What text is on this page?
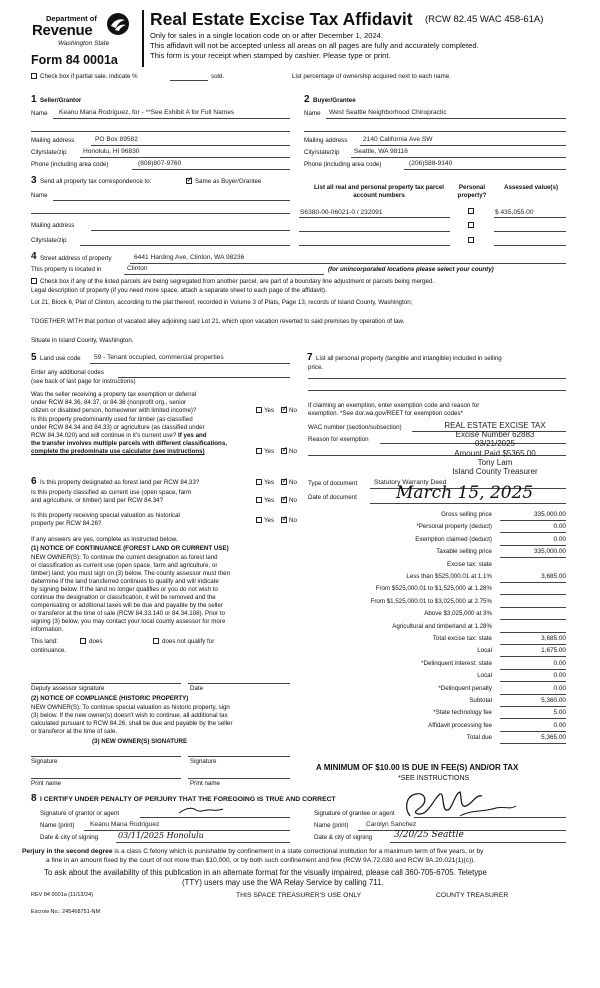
Department of
Revenue
Washington State
Form 84 0001a
Real Estate Excise Tax Affidavit (RCW 82.45 WAC 458-61A)
Only for sales in a single location code on or after December 1, 2024.
This affidavit will not be accepted unless all areas on all pages are fully and accurately completed.
This form is your receipt when stamped by cashier. Please type or print.
Check box if partial sale, indicate %	sold.	List percentage of ownership acquired next to each name.
1 Seller/Grantor
Name Keanu Mana Rodriguez, for - **See Exhibit A for Full Names
Mailing address	PO Box 89582
City/state/zip	Honolulu, HI 96830
Phone (including area code)	(808)807-9760
2 Buyer/Grantee
Name West Seattle Neighborhood Chiropractic
Mailing address 2140 California Ave SW
City/state/zip Seattle, WA 98116
Phone (including area code)	(206)588-9140
3 Send all property tax correspondence to: ✓	Same as Buyer/Grantee
Name
Mailing address
City/state/zip
List all real and personal property tax parcel account numbers
Personal property?
Assessed value(s)
S6380-00-06021-0 / 232091	$ 435,055.00
4 Street address of property	6441 Harding Ave, Clinton, WA 98236
This property is located in	Clinton	(for unincorporated locations please select your county)
Check box if any of the listed parcels are being segregated from another parcel, are part of a boundary line adjustment or parcels being merged.
Legal description of property (if you need more space, attach a separate sheet to each page of the affidavit).
Lot 21, Block 6, Plat of Clinton, according to the plat thereof, recorded in Volume 3 of Plats, Page 13, records of Island County, Washington;
TOGETHER WITH that portion of vacated alley adjoining said Lot 21, which upon vacation reverted to said premises by operation of law.
Situate in Island County, Washington.
5 Land use code 59 - Tenant occupied, commercial properties
Enter any additional codes
(see back of last page for instructions)
Was the seller receiving a property tax exemption or deferral
under RCW 84.36, 84.37, or 84.38 (nonprofit org., senior
citizen or disabled person, homeowner with limited income)?	Yes ✓ No
Is this property predominantly used for timber (as classified
under RCW 84.34 and 84.33) or agriculture (as classified under
RCW 84.34.020) and will continue in it's current use? If yes and
the transfer involves multiple parcels with different classifications,
complete the predominate use calculator (see instructions)	Yes ✓ No
6 Is this property designated as forest land per RCW 84.33?	Yes ✓ No
Is this property classified as current use (open space, farm
and agriculture, or timber) land per RCW 84.34?	Yes ✓ No
Is this property receiving special valuation as historical
property per RCW 84.26?	Yes ✓ No
If any answers are yes, complete as instructed below.
(1) NOTICE OF CONTINUANCE (FOREST LAND OR CURRENT USE)
NEW OWNER(S): To continue the current designation as forest land
or classification as current use (open space, farm and agriculture, or
timber) land, you must sign on (3) below. The county assessor must then
determine if the land transferred continues to qualify and will indicate
by signing below. If the land no longer qualifies or you do not wish to
continue the designation or classification, it will be removed and the
compensating or additional taxes will be due and payable by the seller
or transferor at the time of sale (RCW 84.33.140 or 84.34.108). Prior to
signing (3) below, you may contact your local county assessor for more
information.
This land:	does	does not qualify for
continuance.
Deputy assessor signature	Date
(2) NOTICE OF COMPLIANCE (HISTORIC PROPERTY)
NEW OWNER(S): To continue special valuation as historic property, sign
(3) below. If the new owner(s) doesn't wish to continue, all additional tax
calculated pursuant to RCW 84.26, shall be due and payable by the seller
or transferor at the time of sale.
(3) NEW OWNER(S) SIGNATURE
Signature	Signature
Print name	Print name
7 List all personal property (tangible and intangible) included in selling
price.
If claiming an exemption, enter exemption code and reason for
exemption. *See dor.wa.gov/REET for exemption codes*
WAC number (section/subsection)
Reason for exemption
REAL ESTATE EXCISE TAX
Excise Number 62883
03/21/2025
Amount Paid $5365.00
Tony Lam
Island County Treasurer
Type of document	Statutory Warranty Deed
Date of document March 15, 2025
Gross selling price	335,000.00
*Personal property (deduct)	0.00
Exemption claimed (deduct)	0.00
Taxable selling price	335,000.00
Excise tax: state
Less than $525,000.01 at 1.1%	3,685.00
From $525,000.01 to $1,525,000 at 1.28%
From $1,525,000.01 to $3,025,000 at 2.75%
Above $3,025,000 at 3%
Agricultural and timberland at 1.28%
Total excise tax: state	3,685.00
Local	1,675.00
*Delinquent interest: state	0.00
Local	0.00
*Delinquent penalty	0.00
Subtotal	5,360.00
*State technology fee	5.00
Affidavit processing fee	0.00
Total due	5,365.00
A MINIMUM OF $10.00 IS DUE IN FEE(S) AND/OR TAX
*SEE INSTRUCTIONS
8 I CERTIFY UNDER PENALTY OF PERJURY THAT THE FOREGOING IS TRUE AND CORRECT
Signature of grantor or agent	Signature of grantee or agent
Name (print) Keanu Mana Rodriguez	Name (print)	Carolyn Sanchez
Date & city of signing 03/11/2025 Honolulu	Date & city of signing 3/20/25 Seattle
Perjury in the second degree is a class C felony which is punishable by confinement in a state correctional institution for a maximum term of five years, or by
a fine in an amount fixed by the court of not more than $10,000, or by both such confinement and fine (RCW 9A.72.030 and RCW 9A.20.021(1)(c)).
To ask about the availability of this publication in an alternate format for the visually impaired, please call 360-705-6705. Teletype
(TTY) users may use the WA Relay Service by calling 711.
REV 84 0001a (11/13/24)	THIS SPACE TREASURER'S USE ONLY	COUNTY TREASURER
Escrow No.: 245468751-NM
